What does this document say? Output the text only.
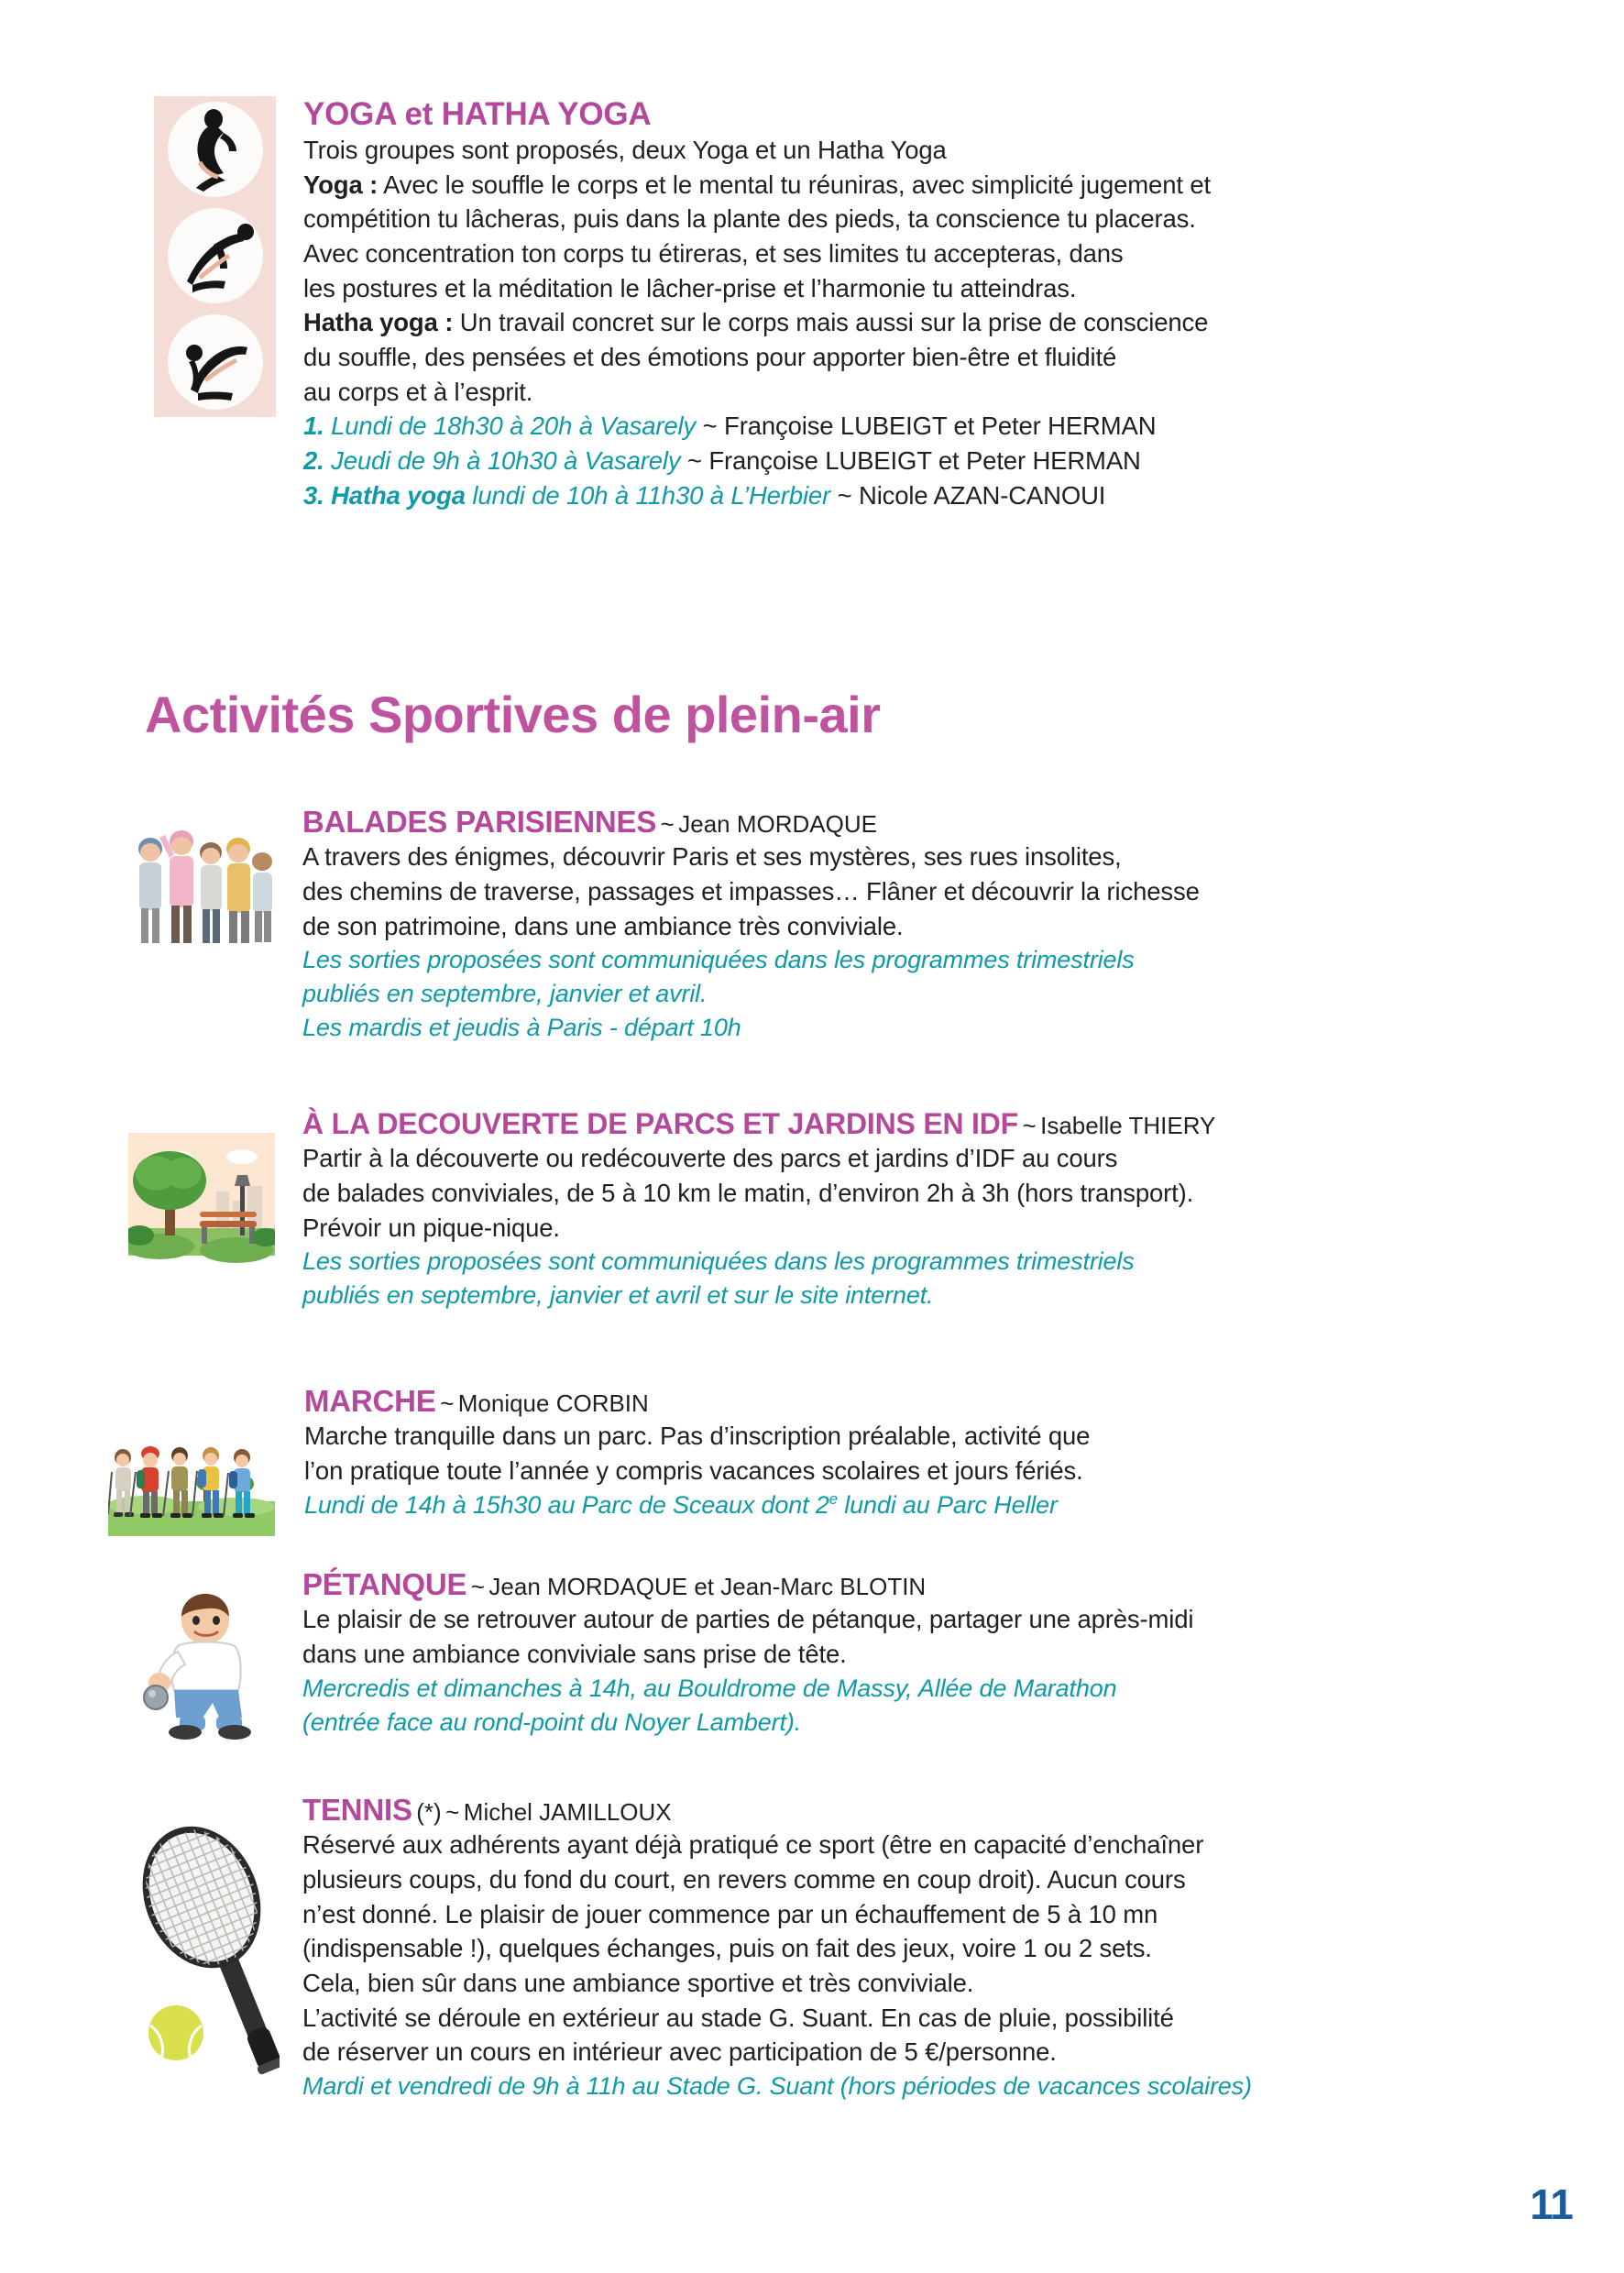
YOGA et HATHA YOGA

Trois groupes sont proposés, deux Yoga et un Hatha Yoga

Yoga : Avec le souffle le corps et le mental tu réuniras, avec simplicité jugement et

compétition tu lâcheras, puis dans la plante des pieds, ta conscience tu placeras.

Avec concentration ton corps tu étireras, et ses limites tu accepteras, dans

les postures et la méditation le lâcher-prise et l’harmonie tu atteindras.

Hatha yoga : Un travail concret sur le corps mais aussi sur la prise de conscience

du souffle, des pensées et des émotions pour apporter bien-être et fluidité

au corps et à l’esprit.

1. Lundi de 18h30 à 20h à Vasarely ~ Françoise LUBEIGT et Peter HERMAN

2. Jeudi de 9h à 10h30 à Vasarely ~ Françoise LUBEIGT et Peter HERMAN

3. Hatha yoga lundi de 10h à 11h30 à L’Herbier ~ Nicole AZAN-CANOUI

Activités Sportives de plein-air
BALADES PARISIENNES ~ Jean MORDAQUE

A travers des énigmes, découvrir Paris et ses mystères, ses rues insolites,

des chemins de traverse, passages et impasses… Flâner et découvrir la richesse

de son patrimoine, dans une ambiance très conviviale.

Les sorties proposées sont communiquées dans les programmes trimestriels

publiés en septembre, janvier et avril.

Les mardis et jeudis à Paris - départ 10h

À LA DECOUVERTE DE PARCS ET JARDINS EN IDF ~ Isabelle THIERY

Partir à la découverte ou redécouverte des parcs et jardins d’IDF au cours

de balades conviviales, de 5 à 10 km le matin, d’environ 2h à 3h (hors transport).

Prévoir un pique-nique.

Les sorties proposées sont communiquées dans les programmes trimestriels

publiés en septembre, janvier et avril et sur le site internet.

MARCHE ~ Monique CORBIN

Marche tranquille dans un parc. Pas d’inscription préalable, activité que

l’on pratique toute l’année y compris vacances scolaires et jours fériés.

Lundi de 14h à 15h30 au Parc de Sceaux dont 2e lundi au Parc Heller

PÉTANQUE ~ Jean MORDAQUE et Jean-Marc BLOTIN

Le plaisir de se retrouver autour de parties de pétanque, partager une après-midi

dans une ambiance conviviale sans prise de tête.

Mercredis et dimanches à 14h, au Bouldrome de Massy, Allée de Marathon

(entrée face au rond-point du Noyer Lambert).

TENNIS (*) ~ Michel JAMILLOUX

Réservé aux adhérents ayant déjà pratiqué ce sport (être en capacité d’enchaîner

plusieurs coups, du fond du court, en revers comme en coup droit). Aucun cours

n’est donné. Le plaisir de jouer commence par un échauffement de 5 à 10 mn

(indispensable !), quelques échanges, puis on fait des jeux, voire 1 ou 2 sets.

Cela, bien sûr dans une ambiance sportive et très conviviale.

L’activité se déroule en extérieur au stade G. Suant. En cas de pluie, possibilité

de réserver un cours en intérieur avec participation de 5 €/personne.

Mardi et vendredi de 9h à 11h au Stade G. Suant (hors périodes de vacances scolaires)

11
